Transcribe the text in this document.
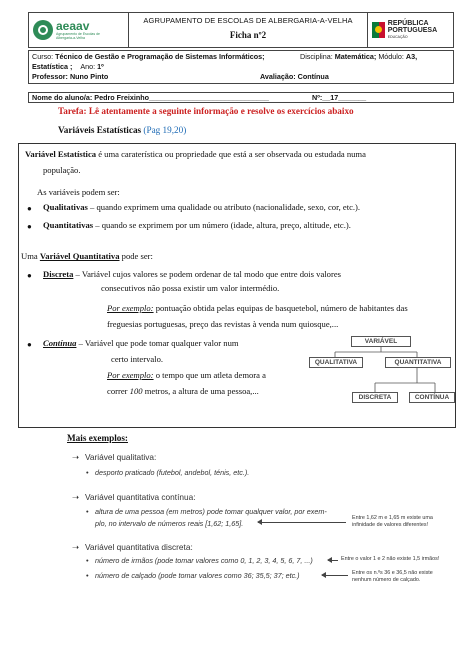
aeaav
Agrupamento de Escolas de Albergaria-a-Velha
AGRUPAMENTO DE ESCOLAS DE ALBERGARIA-A-VELHA
Ficha nº2
REPÚBLICA PORTUGUESA
EDUCAÇÃO
Curso: Técnico de Gestão e Programação de Sistemas Informáticos;	Disciplina: Matemática; Módulo: A3,
Estatística ; Ano: 1º
Professor: Nuno Pinto	Avaliação: Contínua
Nome do aluno/a: Pedro Freixinho______________________________	Nº:__17_______
Tarefa: Lê atentamente a seguinte informação e resolve os exercícios abaixo
Variáveis Estatísticas (Pag 19,20)

Variável Estatística é uma caraterística ou propriedade que está a ser observada ou estudada numa

população.

As variáveis podem ser:

● Qualitativas – quando exprimem uma qualidade ou atributo (nacionalidade, sexo, cor, etc.).

● Quantitativas – quando se exprimem por um número (idade, altura, preço, altitude, etc.).

Uma Variável Quantitativa pode ser:

● Discreta – Variável cujos valores se podem ordenar de tal modo que entre dois valores

consecutivos não possa existir um valor intermédio.

Por exemplo: pontuação obtida pelas equipas de basquetebol, número de habitantes das

freguesias portuguesas, preço das revistas à venda num quiosque,...

● Contínua – Variável que pode tomar qualquer valor num

certo intervalo.

Por exemplo: o tempo que um atleta demora a

correr 100 metros, a altura de uma pessoa,...

VARIÁVEL
QUALITATIVA	QUANTITATIVA
DISCRETA	CONTÍNUA
Mais exemplos:
➝ Variável qualitativa:
• desporto praticado (futebol, andebol, ténis, etc.).
➝ Variável quantitativa contínua:
• altura de uma pessoa (em metros) pode tomar qualquer valor, por exem-
plo, no intervalo de números reais [1,62; 1,65].
Entre 1,62 m e 1,65 m existe uma
infinidade de valores diferentes!
➝ Variável quantitativa discreta:
• número de irmãos (pode tomar valores como 0, 1, 2, 3, 4, 5, 6, 7, ...)	Entre o valor 1 e 2 não existe 1,5 irmãos!
• número de calçado (pode tomar valores como 36; 35,5; 37; etc.)	Entre os n.ºs 36 e 36,5 não existe
nenhum número de calçado.
